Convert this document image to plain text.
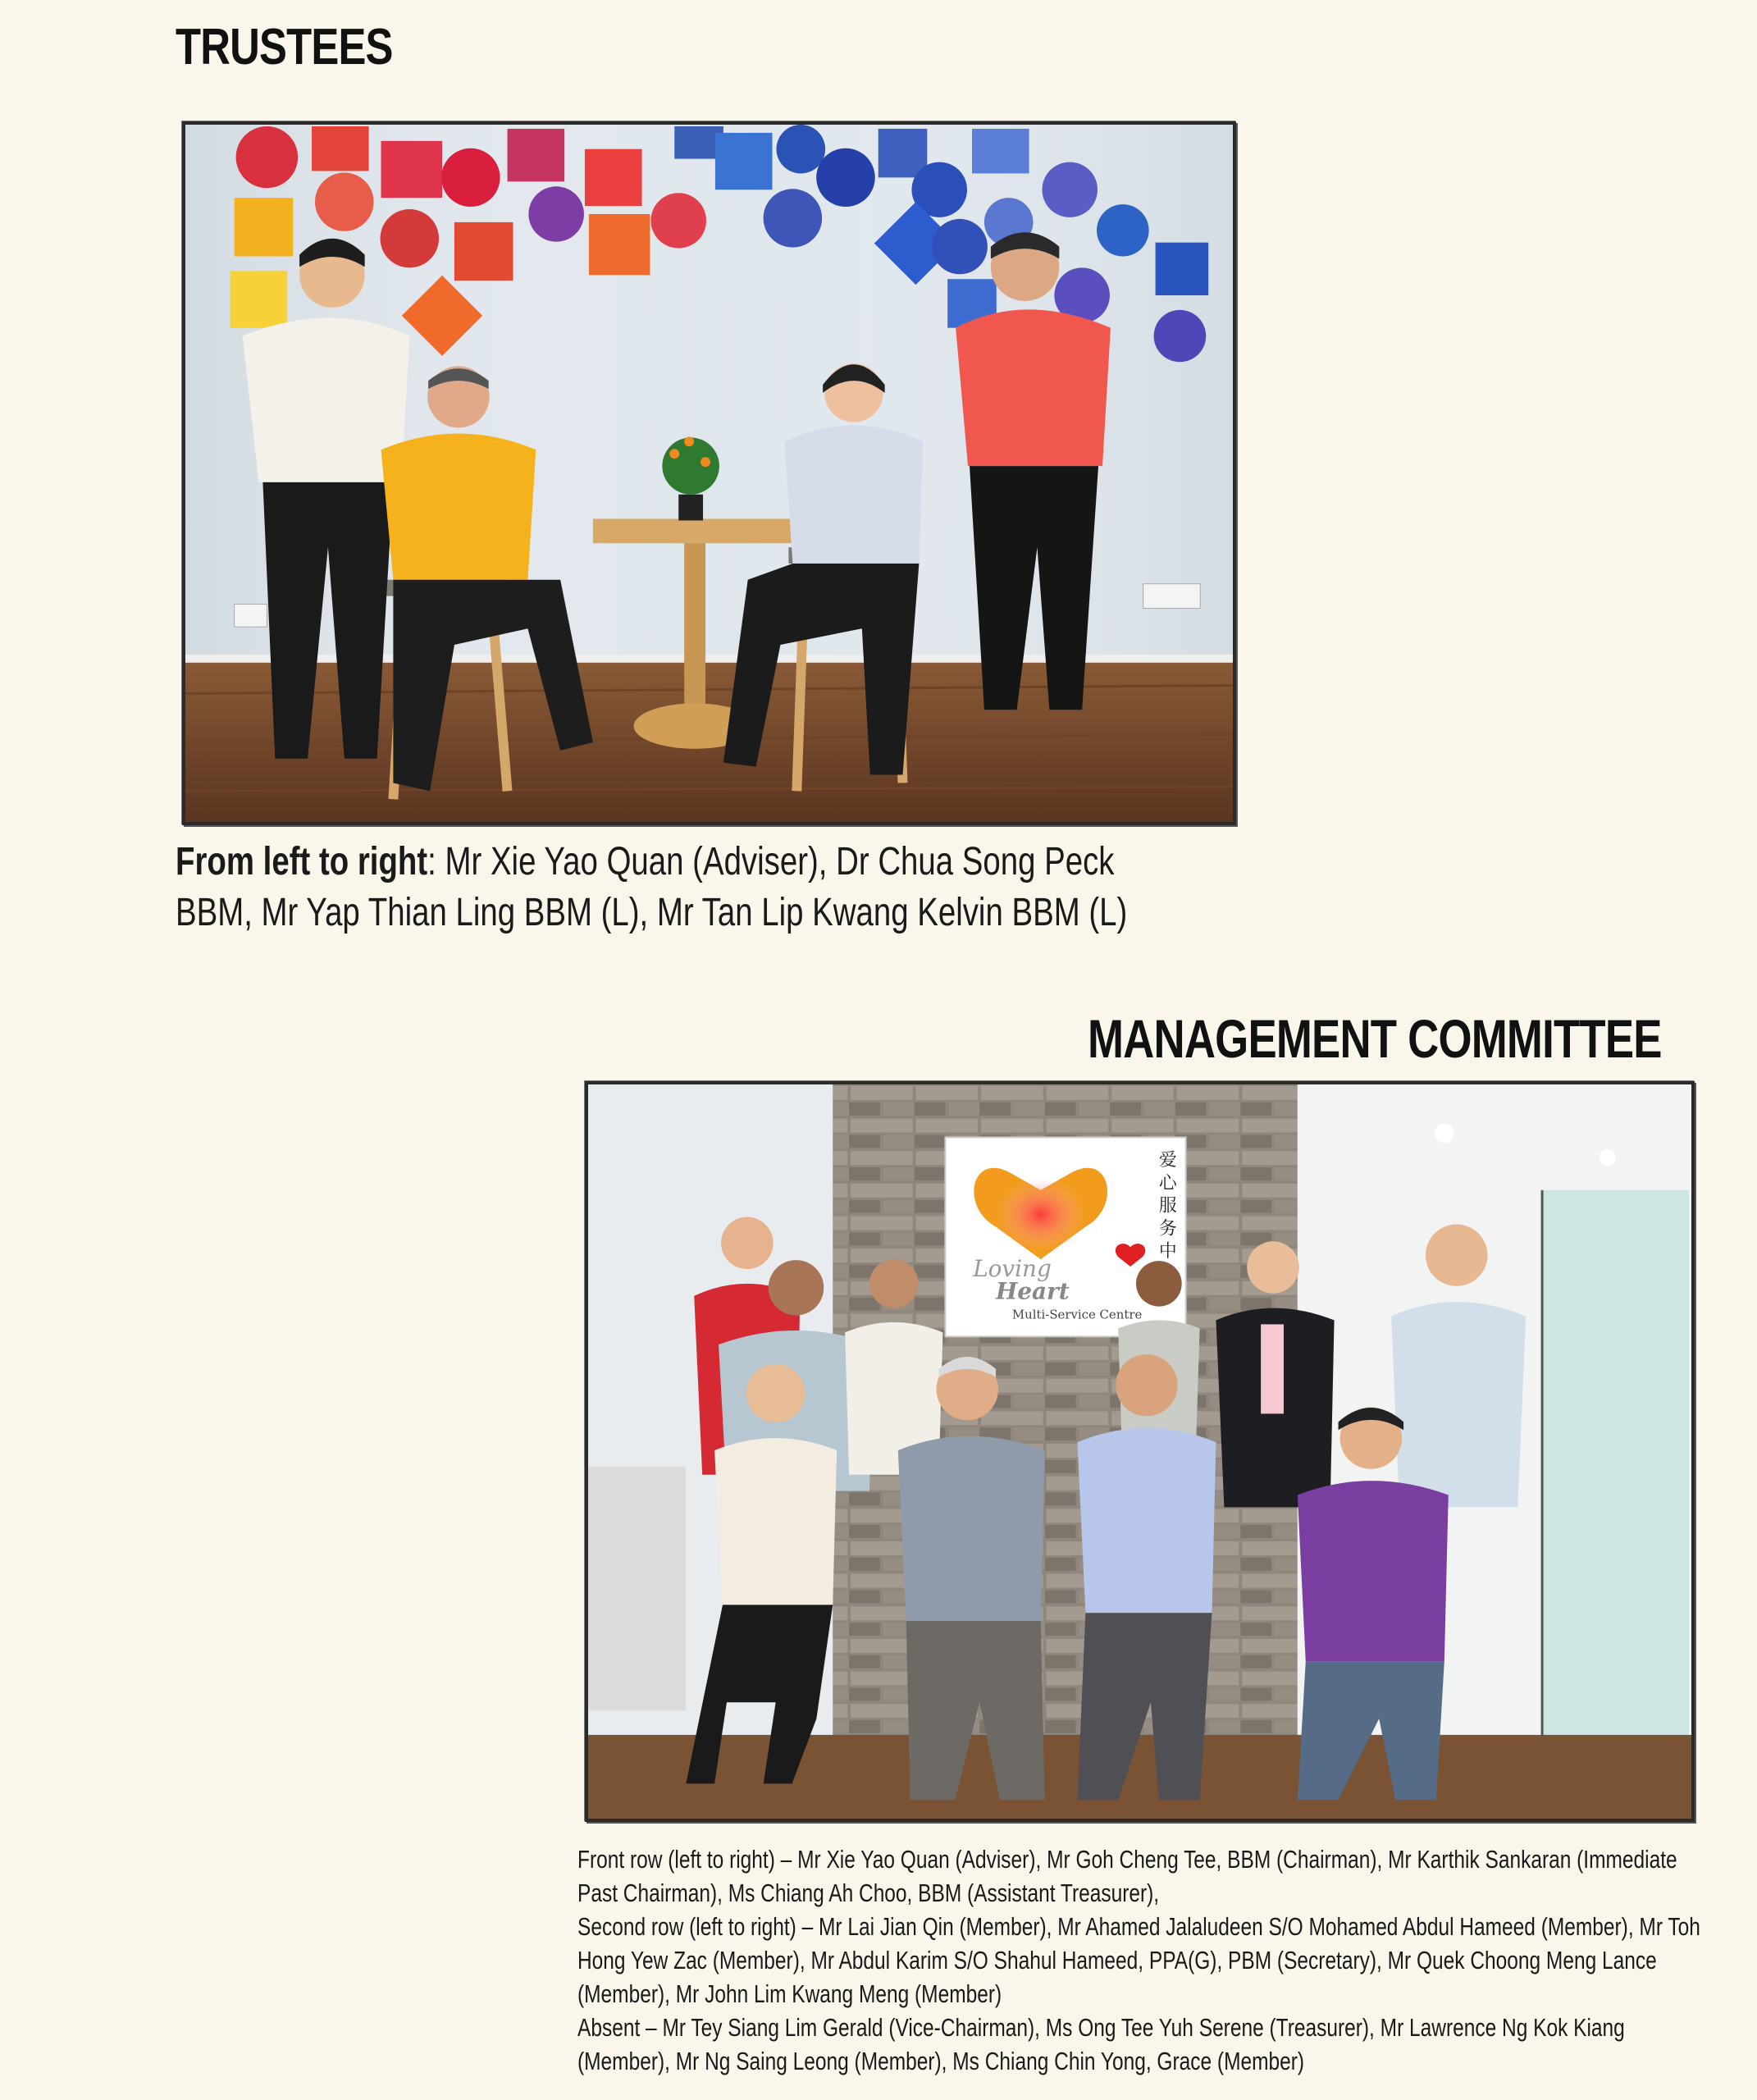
TRUSTEES

From left to right: Mr Xie Yao Quan (Adviser), Dr Chua Song Peck BBM, Mr Yap Thian Ling BBM (L), Mr Tan Lip Kwang Kelvin BBM (L)

MANAGEMENT COMMITTEE
爱心服务中
Loving
Heart
Multi-Service Centre

Front row (left to right) – Mr Xie Yao Quan (Adviser), Mr Goh Cheng Tee, BBM (Chairman), Mr Karthik Sankaran (Immediate Past Chairman), Ms Chiang Ah Choo, BBM (Assistant Treasurer),

Second row (left to right) – Mr Lai Jian Qin (Member), Mr Ahamed Jalaludeen S/O Mohamed Abdul Hameed (Member), Mr Toh Hong Yew Zac (Member), Mr Abdul Karim S/O Shahul Hameed, PPA(G), PBM (Secretary), Mr Quek Choong Meng Lance (Member), Mr John Lim Kwang Meng (Member)

Absent – Mr Tey Siang Lim Gerald (Vice-Chairman), Ms Ong Tee Yuh Serene (Treasurer), Mr Lawrence Ng Kok Kiang (Member), Mr Ng Saing Leong (Member), Ms Chiang Chin Yong, Grace (Member)
